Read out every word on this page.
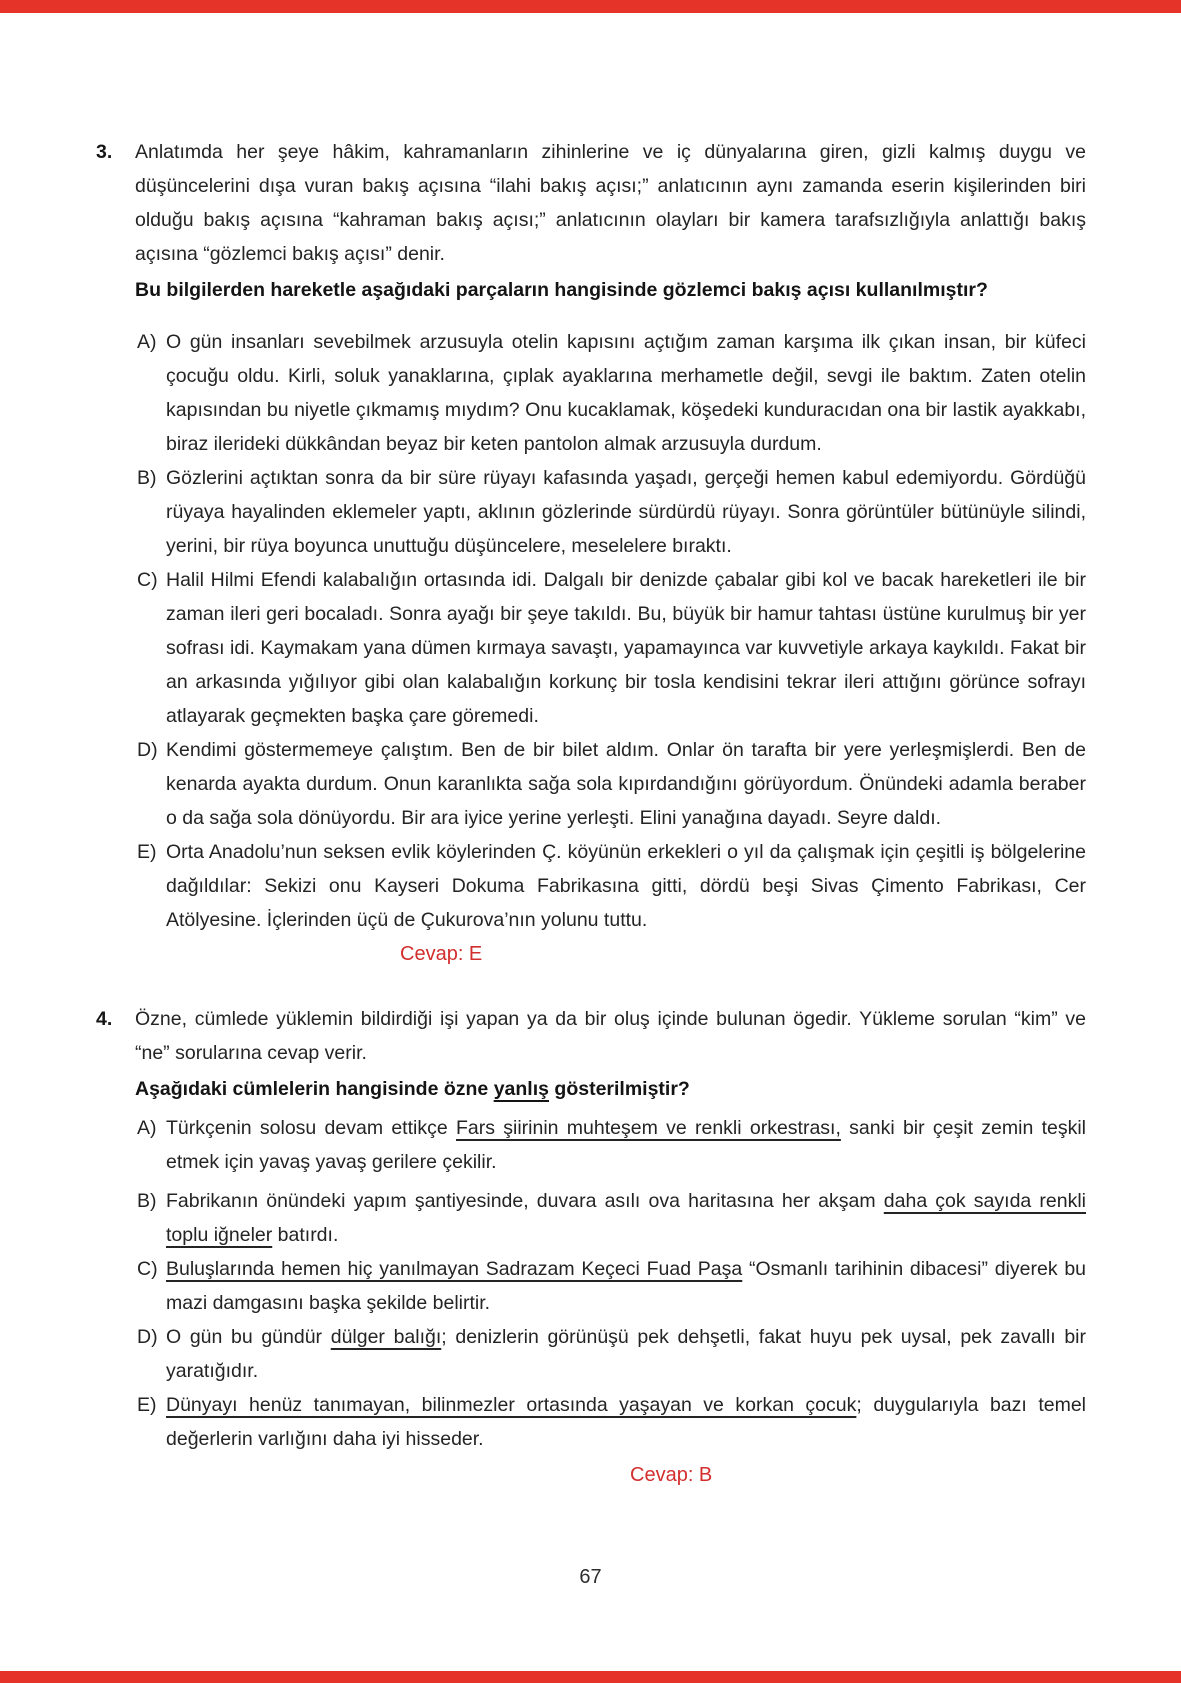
3.	Anlatımda her şeye hâkim, kahramanların zihinlerine ve iç dünyalarına giren, gizli kalmış duygu ve düşüncelerini dışa vuran bakış açısına “ilahi bakış açısı;” anlatıcının aynı zamanda eserin kişilerinden biri olduğu bakış açısına “kahraman bakış açısı;” anlatıcının olayları bir kamera tarafsızlığıyla anlattığı bakış açısına “gözlemci bakış açısı” denir.

Bu bilgilerden hareketle aşağıdaki parçaların hangisinde gözlemci bakış açısı kullanılmıştır?

A) O gün insanları sevebilmek arzusuyla otelin kapısını açtığım zaman karşıma ilk çıkan insan, bir küfeci çocuğu oldu. Kirli, soluk yanaklarına, çıplak ayaklarına merhametle değil, sevgi ile baktım. Zaten otelin kapısından bu niyetle çıkmamış mıydım? Onu kucaklamak, köşedeki kunduracıdan ona bir lastik ayakkabı, biraz ilerideki dükkândan beyaz bir keten pantolon almak arzusuyla durdum.

B) Gözlerini açtıktan sonra da bir süre rüyayı kafasında yaşadı, gerçeği hemen kabul edemiyordu. Gördüğü rüyaya hayalinden eklemeler yaptı, aklının gözlerinde sürdürdü rüyayı. Sonra görüntüler bütünüyle silindi, yerini, bir rüya boyunca unuttuğu düşüncelere, meselelere bıraktı.

C) Halil Hilmi Efendi kalabalığın ortasında idi. Dalgalı bir denizde çabalar gibi kol ve bacak hareketleri ile bir zaman ileri geri bocaladı. Sonra ayağı bir şeye takıldı. Bu, büyük bir hamur tahtası üstüne kurulmuş bir yer sofrası idi. Kaymakam yana dümen kırmaya savaştı, yapamayınca var kuvvetiyle arkaya kaykıldı. Fakat bir an arkasında yığılıyor gibi olan kalabalığın korkunç bir tosla kendisini tekrar ileri attığını görünce sofrayı atlayarak geçmekten başka çare göremedi.

D) Kendimi göstermemeye çalıştım. Ben de bir bilet aldım. Onlar ön tarafta bir yere yerleşmişlerdi. Ben de kenarda ayakta durdum. Onun karanlıkta sağa sola kıpırdandığını görüyordum. Önündeki adamla beraber o da sağa sola dönüyordu. Bir ara iyice yerine yerleşti. Elini yanağına dayadı. Seyre daldı.

E) Orta Anadolu’nun seksen evlik köylerinden Ç. köyünün erkekleri o yıl da çalışmak için çeşitli iş bölgelerine dağıldılar: Sekizi onu Kayseri Dokuma Fabrikasına gitti, dördü beşi Sivas Çimento Fabrikası, Cer Atölyesine. İçlerinden üçü de Çukurova’nın yolunu tuttu.

Cevap: E
4.	Özne, cümlede yüklemin bildirdiği işi yapan ya da bir oluş içinde bulunan ögedir. Yükleme sorulan “kim” ve “ne” sorularına cevap verir.

Aşağıdaki cümlelerin hangisinde özne yanlış gösterilmiştir?

A) Türkçenin solosu devam ettikçe Fars şiirinin muhteşem ve renkli orkestrası, sanki bir çeşit zemin teşkil etmek için yavaş yavaş gerilere çekilir.

B) Fabrikanın önündeki yapım şantiyesinde, duvara asılı ova haritasına her akşam daha çok sayıda renkli toplu iğneler batırdı.

C) Buluşlarında hemen hiç yanılmayan Sadrazam Keçeci Fuad Paşa “Osmanlı tarihinin dibacesi” diyerek bu mazi damgasını başka şekilde belirtir.

D) O gün bu gündür dülger balığı; denizlerin görünüşü pek dehşetli, fakat huyu pek uysal, pek zavallı bir yaratığıdır.

E) Dünyayı henüz tanımayan, bilinmezler ortasında yaşayan ve korkan çocuk; duygularıyla bazı temel değerlerin varlığını daha iyi hisseder.

Cevap: B
67
